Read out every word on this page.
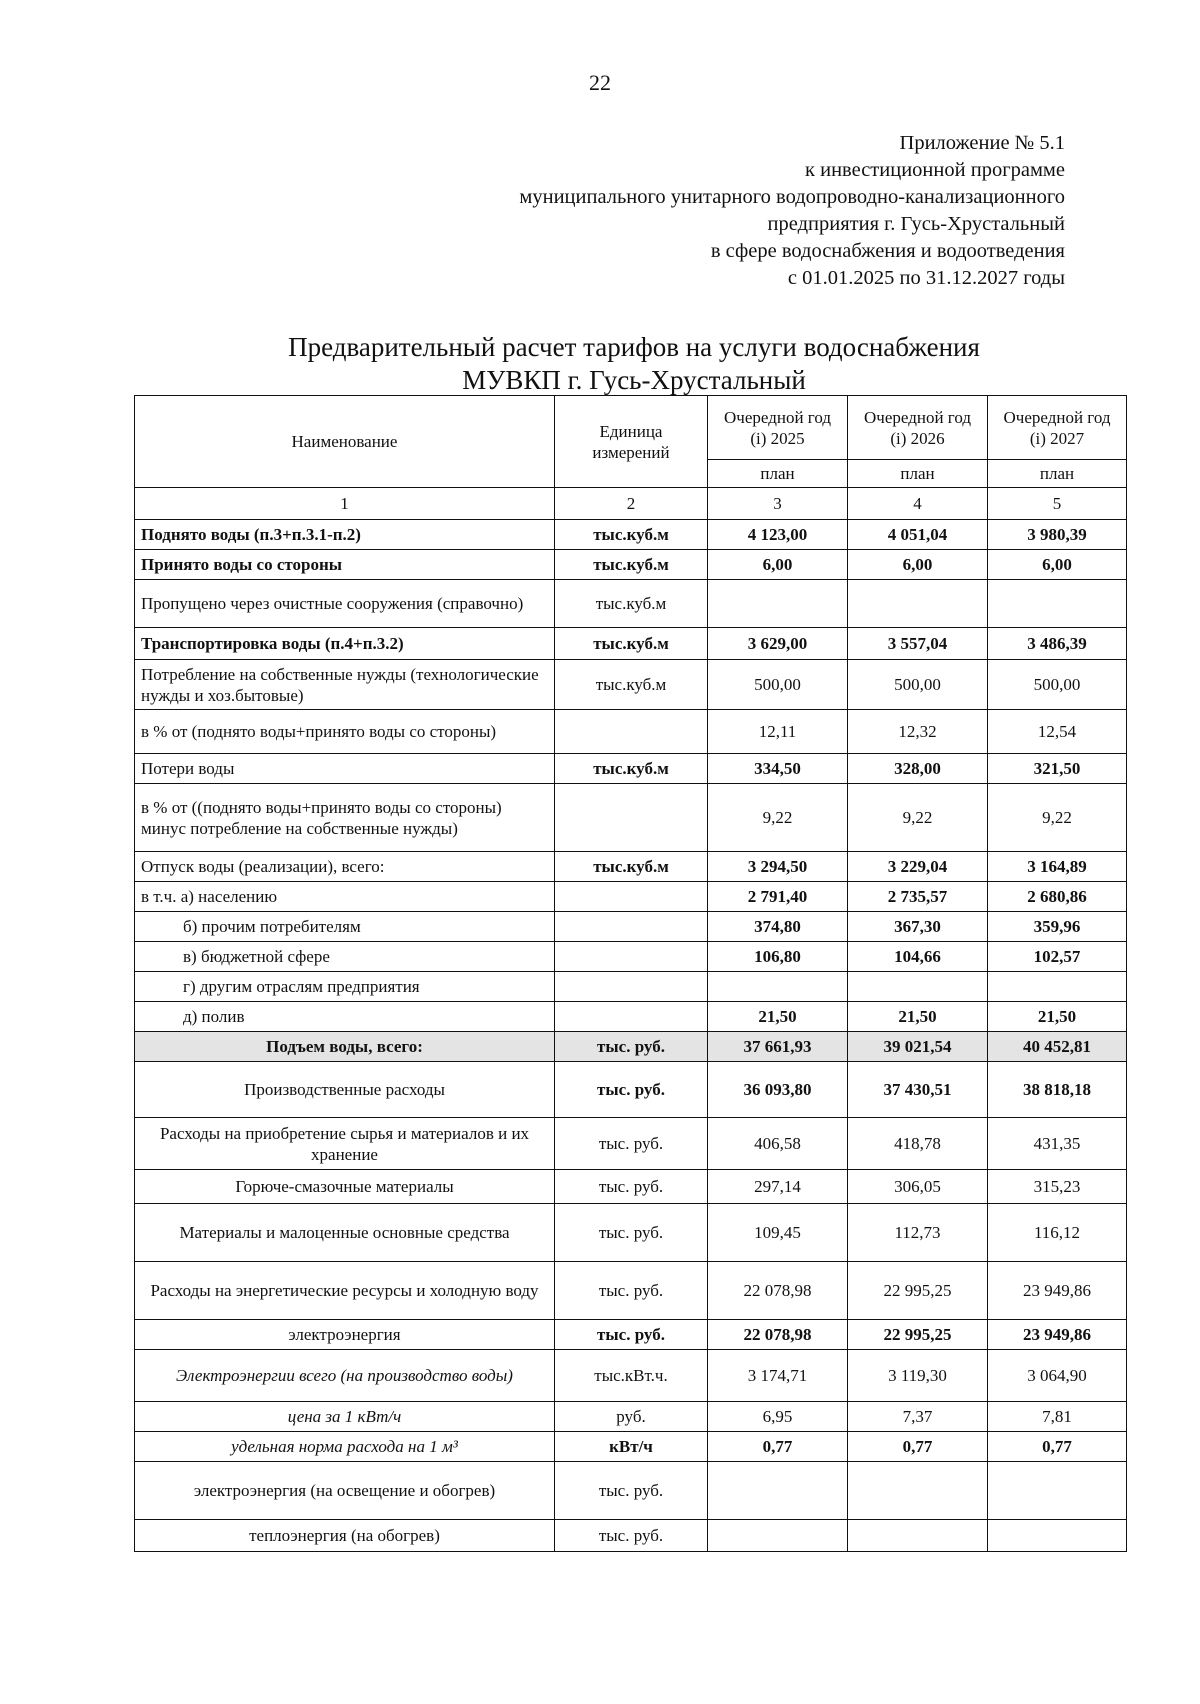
22
Приложение № 5.1
к инвестиционной программе
муниципального унитарного водопроводно-канализационного
предприятия г. Гусь-Хрустальный
в сфере водоснабжения и водоотведения
с 01.01.2025 по 31.12.2027 годы
Предварительный расчет тарифов на услуги водоснабжения
МУВКП г. Гусь-Хрустальный
Наименование	Единица измерений	Очередной год (i) 2025	Очередной год (i) 2026	Очередной год (i) 2027
		план	план	план
1	2	3	4	5
Поднято воды (п.3+п.3.1-п.2)	тыс.куб.м	4 123,00	4 051,04	3 980,39
Принято воды со стороны	тыс.куб.м	6,00	6,00	6,00
Пропущено через очистные сооружения (справочно)	тыс.куб.м			
Транспортировка воды (п.4+п.3.2)	тыс.куб.м	3 629,00	3 557,04	3 486,39
Потребление на собственные нужды (технологические нужды и хоз.бытовые)	тыс.куб.м	500,00	500,00	500,00
в % от (поднято воды+принято воды со стороны)		12,11	12,32	12,54
Потери воды	тыс.куб.м	334,50	328,00	321,50
в % от ((поднято воды+принято воды со стороны) минус потребление на собственные нужды)		9,22	9,22	9,22
Отпуск воды (реализации), всего:	тыс.куб.м	3 294,50	3 229,04	3 164,89
в т.ч. а) населению		2 791,40	2 735,57	2 680,86
б) прочим потребителям		374,80	367,30	359,96
в) бюджетной сфере		106,80	104,66	102,57
г) другим отраслям предприятия				
д) полив		21,50	21,50	21,50
Подъем воды, всего:	тыс. руб.	37 661,93	39 021,54	40 452,81
Производственные расходы	тыс. руб.	36 093,80	37 430,51	38 818,18
Расходы на приобретение сырья и материалов и их хранение	тыс. руб.	406,58	418,78	431,35
Горюче-смазочные материалы	тыс. руб.	297,14	306,05	315,23
Материалы и малоценные основные средства	тыс. руб.	109,45	112,73	116,12
Расходы на энергетические ресурсы и холодную воду	тыс. руб.	22 078,98	22 995,25	23 949,86
электроэнергия	тыс. руб.	22 078,98	22 995,25	23 949,86
Электроэнергии всего (на производство воды)	тыс.кВт.ч.	3 174,71	3 119,30	3 064,90
цена за 1 кВт/ч	руб.	6,95	7,37	7,81
удельная норма расхода на 1 м³	кВт/ч	0,77	0,77	0,77
электроэнергия (на освещение и обогрев)	тыс. руб.			
теплоэнергия (на обогрев)	тыс. руб.			
